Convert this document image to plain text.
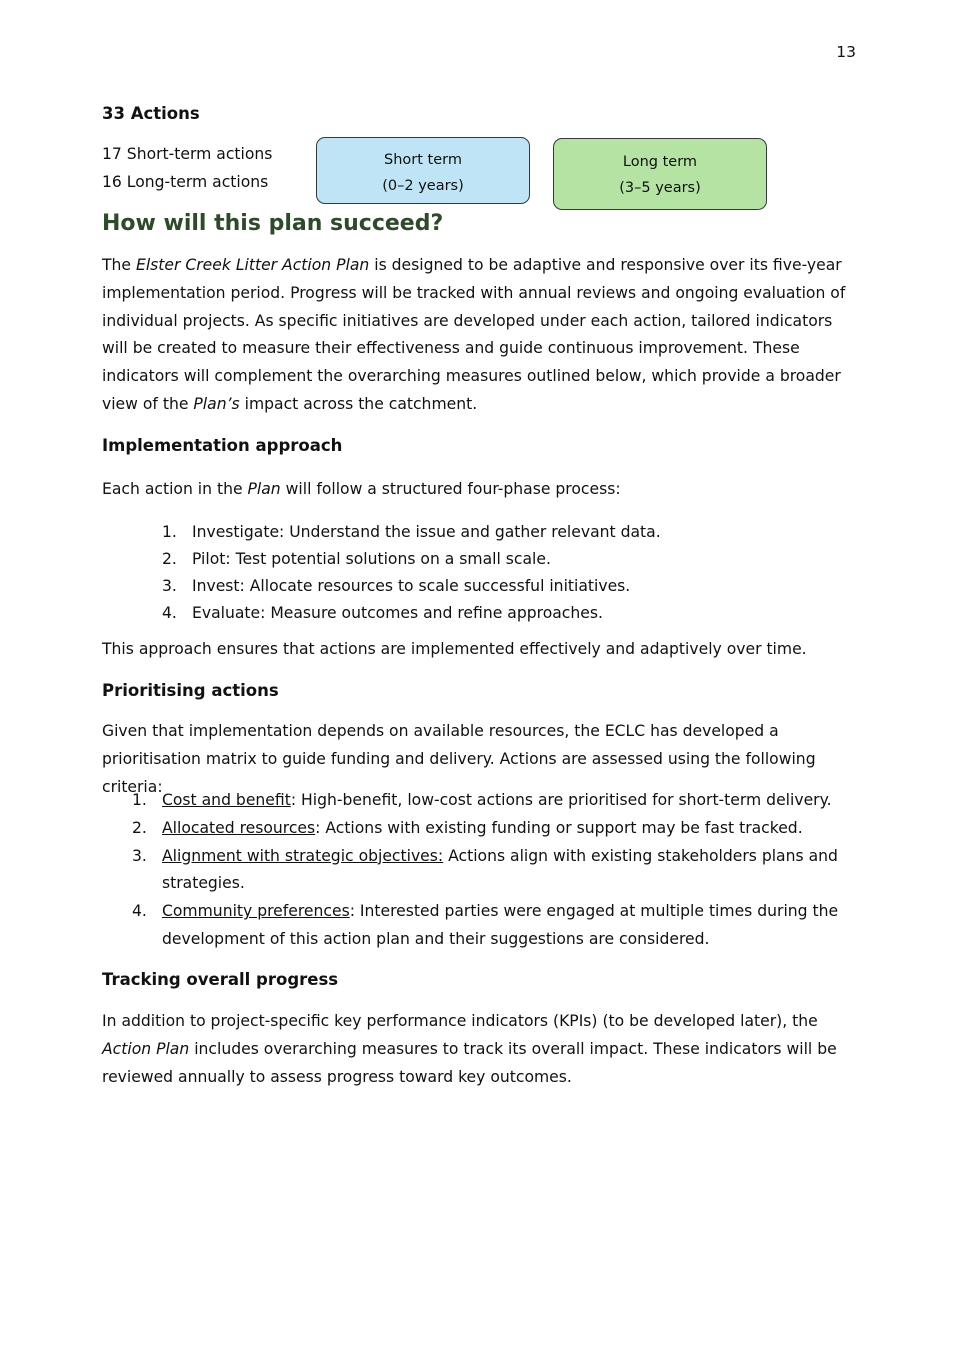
13
33 Actions
17 Short-term actions
16 Long-term actions
Short term
(0–2 years)
Long term
(3–5 years)
How will this plan succeed?
The Elster Creek Litter Action Plan is designed to be adaptive and responsive over its five-year implementation period. Progress will be tracked with annual reviews and ongoing evaluation of individual projects. As specific initiatives are developed under each action, tailored indicators will be created to measure their effectiveness and guide continuous improvement. These indicators will complement the overarching measures outlined below, which provide a broader view of the Plan’s impact across the catchment.
Implementation approach
Each action in the Plan will follow a structured four-phase process:
1. Investigate: Understand the issue and gather relevant data.
2. Pilot: Test potential solutions on a small scale.
3. Invest: Allocate resources to scale successful initiatives.
4. Evaluate: Measure outcomes and refine approaches.
This approach ensures that actions are implemented effectively and adaptively over time.
Prioritising actions
Given that implementation depends on available resources, the ECLC has developed a prioritisation matrix to guide funding and delivery. Actions are assessed using the following criteria:
1. Cost and benefit: High-benefit, low-cost actions are prioritised for short-term delivery.
2. Allocated resources: Actions with existing funding or support may be fast tracked.
3. Alignment with strategic objectives: Actions align with existing stakeholders plans and strategies.
4. Community preferences: Interested parties were engaged at multiple times during the development of this action plan and their suggestions are considered.
Tracking overall progress
In addition to project-specific key performance indicators (KPIs) (to be developed later), the Action Plan includes overarching measures to track its overall impact. These indicators will be reviewed annually to assess progress toward key outcomes.
